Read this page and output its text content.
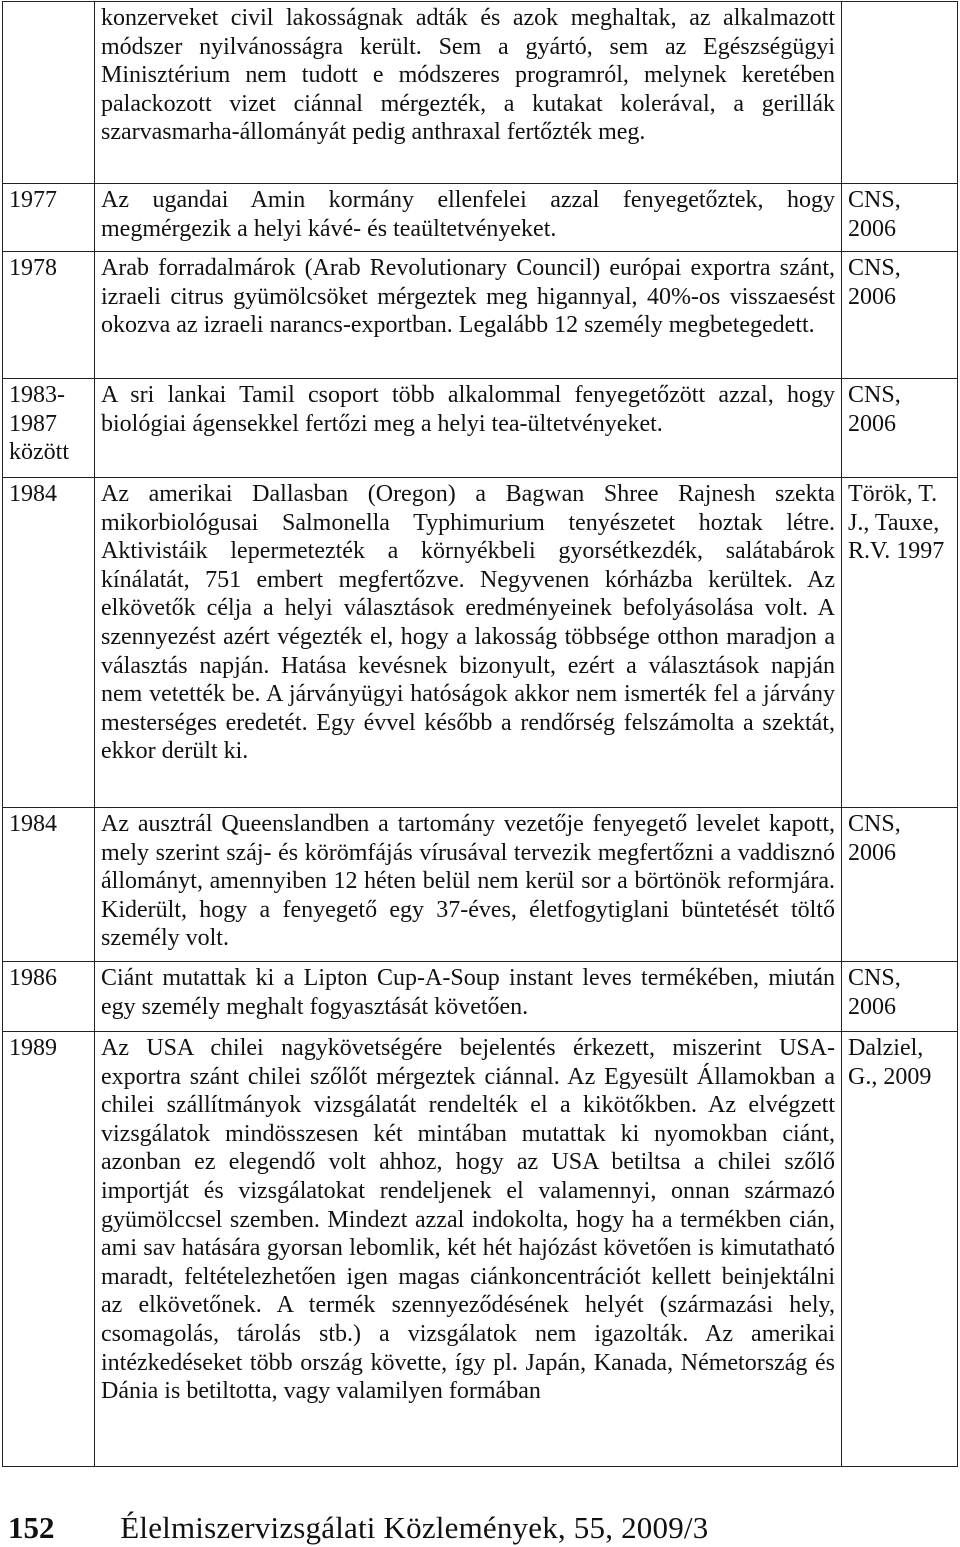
	konzerveket civil lakosságnak adták és azok meghaltak, az alkalmazott módszer nyilvánosságra került. Sem a gyártó, sem az Egészségügyi Minisztérium nem tudott e módszeres programról, melynek keretében palackozott vizet ciánnal mérgezték, a kutakat kolerával, a gerillák szarvasmarha-állományát pedig anthraxal fertőzték meg.	
1977	Az ugandai Amin kormány ellenfelei azzal fenyegetőztek, hogy megmérgezik a helyi kávé- és teaültetvényeket.	CNS, 2006
1978	Arab forradalmárok (Arab Revolutionary Council) európai exportra szánt, izraeli citrus gyümölcsöket mérgeztek meg higannyal, 40%-os visszaesést okozva az izraeli narancs-exportban. Legalább 12 személy megbetegedett.	CNS, 2006
1983-1987 között	A sri lankai Tamil csoport több alkalommal fenyegetőzött azzal, hogy biológiai ágensekkel fertőzi meg a helyi tea-ültetvényeket.	CNS, 2006
1984	Az amerikai Dallasban (Oregon) a Bagwan Shree Rajnesh szekta mikorbiológusai Salmonella Typhimurium tenyészetet hoztak létre. Aktivistáik lepermetezték a környékbeli gyorsétkezdék, salátabárok kínálatát, 751 embert megfertőzve. Negyvenen kórházba kerültek. Az elkövetők célja a helyi választások eredményeinek befolyásolása volt. A szennyezést azért végezték el, hogy a lakosság többsége otthon maradjon a választás napján. Hatása kevésnek bizonyult, ezért a választások napján nem vetették be. A járványügyi hatóságok akkor nem ismerték fel a járvány mesterséges eredetét. Egy évvel később a rendőrség felszámolta a szektát, ekkor derült ki.	Török, T. J., Tauxe, R.V. 1997
1984	Az ausztrál Queenslandben a tartomány vezetője fenyegető levelet kapott, mely szerint száj- és körömfájás vírusával tervezik megfertőzni a vaddisznó állományt, amennyiben 12 héten belül nem kerül sor a börtönök reformjára. Kiderült, hogy a fenyegető egy 37-éves, életfogytiglani büntetését töltő személy volt.	CNS, 2006
1986	Ciánt mutattak ki a Lipton Cup-A-Soup instant leves termékében, miután egy személy meghalt fogyasztását követően.	CNS, 2006
1989	Az USA chilei nagykövetségére bejelentés érkezett, miszerint USA-exportra szánt chilei szőlőt mérgeztek ciánnal. Az Egyesült Államokban a chilei szállítmányok vizsgálatát rendelték el a kikötőkben. Az elvégzett vizsgálatok mindösszesen két mintában mutattak ki nyomokban ciánt, azonban ez elegendő volt ahhoz, hogy az USA betiltsa a chilei szőlő importját és vizsgálatokat rendeljenek el valamennyi, onnan származó gyümölccsel szemben. Mindezt azzal indokolta, hogy ha a termékben cián, ami sav hatására gyorsan lebomlik, két hét hajózást követően is kimutatható maradt, feltételezhetően igen magas ciánkoncentrációt kellett beinjektálni az elkövetőnek. A termék szennyeződésének helyét (származási hely, csomagolás, tárolás stb.) a vizsgálatok nem igazolták. Az amerikai intézkedéseket több ország követte, így pl. Japán, Kanada, Németország és Dánia is betiltotta, vagy valamilyen formában	Dalziel, G., 2009
152 Élelmiszervizsgálati Közlemények, 55, 2009/3
